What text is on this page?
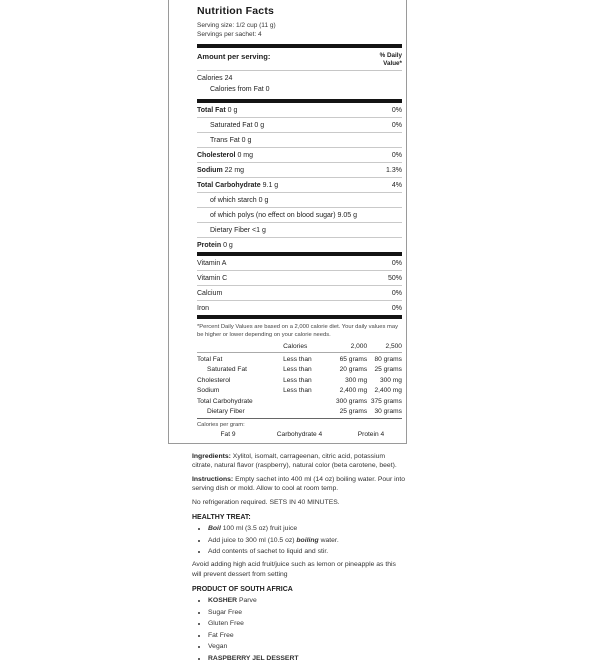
Nutrition Facts
Serving size: 1/2 cup (11 g)
Servings per sachet: 4
Amount per serving:	% Daily
Value*
Calories 24
Calories from Fat 0
Total Fat 0 g	0%
Saturated Fat 0 g	0%
Trans Fat 0 g
Cholesterol 0 mg	0%
Sodium 22 mg	1.3%
Total Carbohydrate 9.1 g	4%
of which starch 0 g
of which polys (no effect on blood sugar) 9.05 g
Dietary Fiber <1 g
Protein 0 g
Vitamin A	0%
Vitamin C	50%
Calcium	0%
Iron	0%
*Percent Daily Values are based on a 2,000 calorie diet. Your daily values may be higher or lower depending on your calorie needs.
Calories	2,000	2,500
Total Fat	Less than	65 grams	80 grams
Saturated Fat	Less than	20 grams	25 grams
Cholesterol	Less than	300 mg	300 mg
Sodium	Less than	2,400 mg	2,400 mg
Total Carbohydrate	300 grams 375 grams
Dietary Fiber	25 grams	30 grams
Calories per gram:
Fat 9	Carbohydrate 4	Protein 4

Ingredients: Xylitol, isomalt, carrageenan, citric acid, potassium citrate, natural flavor (raspberry), natural color (beta carotene, beet).

Instructions: Empty sachet into 400 ml (14 oz) boiling water. Pour into serving dish or mold. Allow to cool at room temp.

No refrigeration required. SETS IN 40 MINUTES.

HEALTHY TREAT:

• Boil 100 ml (3.5 oz) fruit juice
• Add juice to 300 ml (10.5 oz) boiling water.
• Add contents of sachet to liquid and stir.

Avoid adding high acid fruit/juice such as lemon or pineapple as this will prevent dessert from setting

PRODUCT OF SOUTH AFRICA

• KOSHER Parve
• Sugar Free
• Gluten Free
• Fat Free
• Vegan
• RASPBERRY JEL DESSERT
